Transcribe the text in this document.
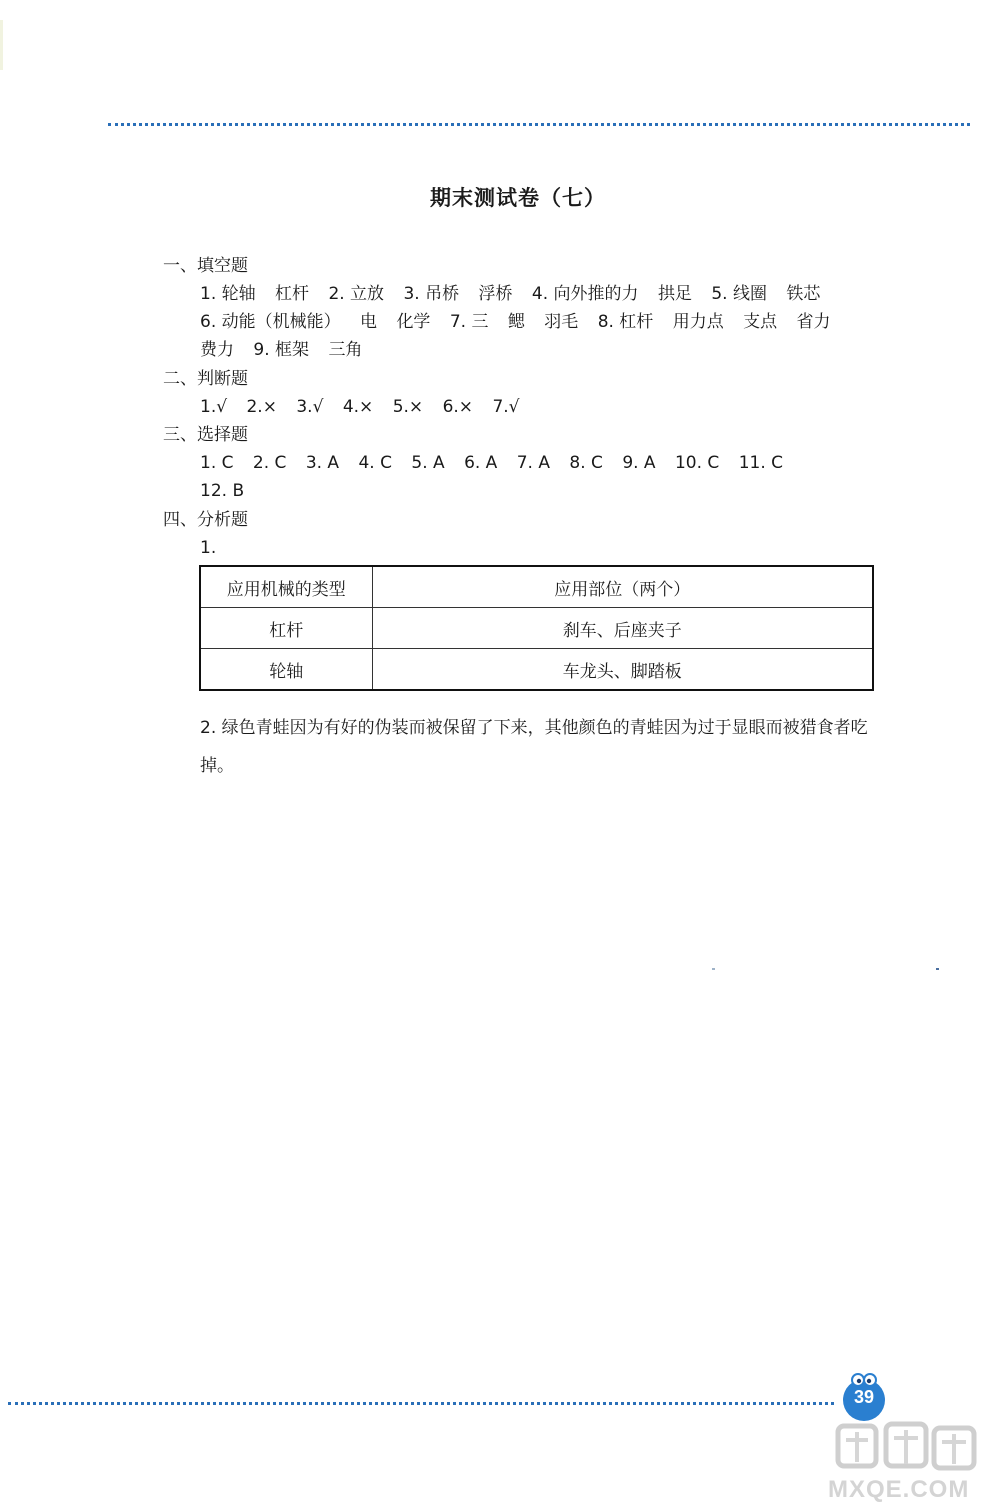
期末测试卷（七）
一、填空题
1. 轮轴 杠杆 2. 立放 3. 吊桥 浮桥 4. 向外推的力 拱足 5. 线圈 铁芯
6. 动能（机械能） 电 化学 7. 三 鳃 羽毛 8. 杠杆 用力点 支点 省力
费力 9. 框架 三角
二、判断题
1.√ 2.× 3.√ 4.× 5.× 6.× 7.√
三、选择题
1. C 2. C 3. A 4. C 5. A 6. A 7. A 8. C 9. A 10. C 11. C
12. B
四、分析题
1.
应用机械的类型	应用部位（两个）
杠杆	刹车、后座夹子
轮轴	车龙头、脚踏板
2. 绿色青蛙因为有好的伪装而被保留了下来，其他颜色的青蛙因为过于显眼而被猎食者吃掉。
39
MXQE.COM
